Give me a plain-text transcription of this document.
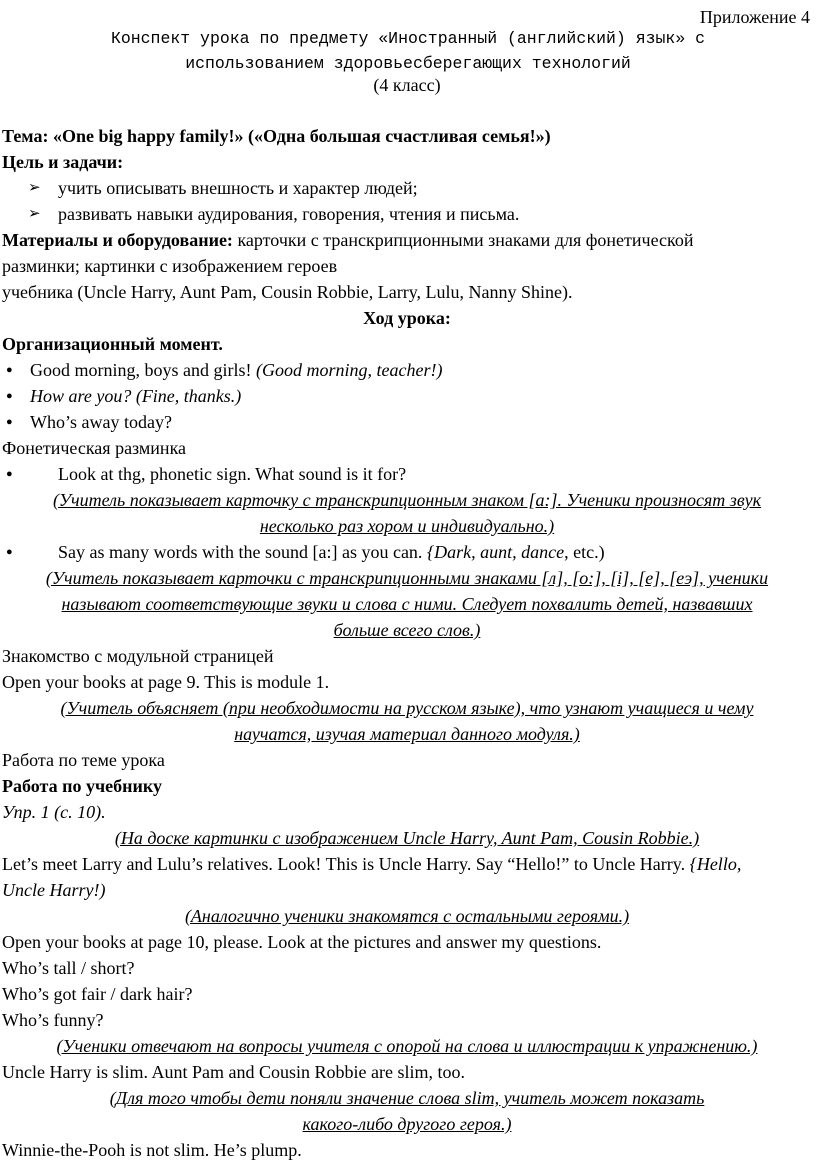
Приложение 4
Конспект урока по предмету «Иностранный (английский) язык» с
использованием здоровьесберегающих технологий
(4 класс)
Тема: «One big happy family!» («Одна большая счастливая семья!»)
Цель и задачи:
➢ учить описывать внешность и характер людей;
➢ развивать навыки аудирования, говорения, чтения и письма.
Материалы и оборудование: карточки с транскрипционными знаками для фонетической
разминки; картинки с изображением героев
учебника (Uncle Harry, Aunt Pam, Cousin Robbie, Larry, Lulu, Nanny Shine).
Ход урока:
Организационный момент.
● Good morning, boys and girls! (Good morning, teacher!)
● How are you? (Fine, thanks.)
● Who’s away today?
Фонетическая разминка
●	Look at thg, phonetic sign. What sound is it for?
(Учитель показывает карточку с транскрипционным знаком [a:]. Ученики произносят звук
несколько раз хором и индивидуально.)
●	Say as many words with the sound [a:] as you can. {Dark, aunt, dance, etc.)
(Учитель показывает карточки с транскрипционными знаками [л], [о:], [i], [е], [еэ], ученики
называют соответствующие звуки и слова с ними. Следует похвалить детей, назвавших
больше всего слов.)
Знакомство с модульной страницей
Open your books at page 9. This is module 1.
(Учитель объясняет (при необходимости на русском языке), что узнают учащиеся и чему
научатся, изучая материал данного модуля.)
Работа по теме урока
Работа по учебнику
Упр. 1 (с. 10).
(На доске картинки с изображением Uncle Harry, Aunt Pam, Cousin Robbie.)
Let’s meet Larry and Lulu’s relatives. Look! This is Uncle Harry. Say “Hello!” to Uncle Harry. {Hello,
Uncle Harry!)
(Аналогично ученики знакомятся с остальными героями.)
Open your books at page 10, please. Look at the pictures and answer my questions.
Who’s tall / short?
Who’s got fair / dark hair?
Who’s funny?
(Ученики отвечают на вопросы учителя с опорой на слова и иллюстрации к упражнению.)
Uncle Harry is slim. Aunt Pam and Cousin Robbie are slim, too.
(Для того чтобы дети поняли значение слова slim, учитель может показать
какого-либо другого героя.)
Winnie-the-Pooh is not slim. He’s plump.
